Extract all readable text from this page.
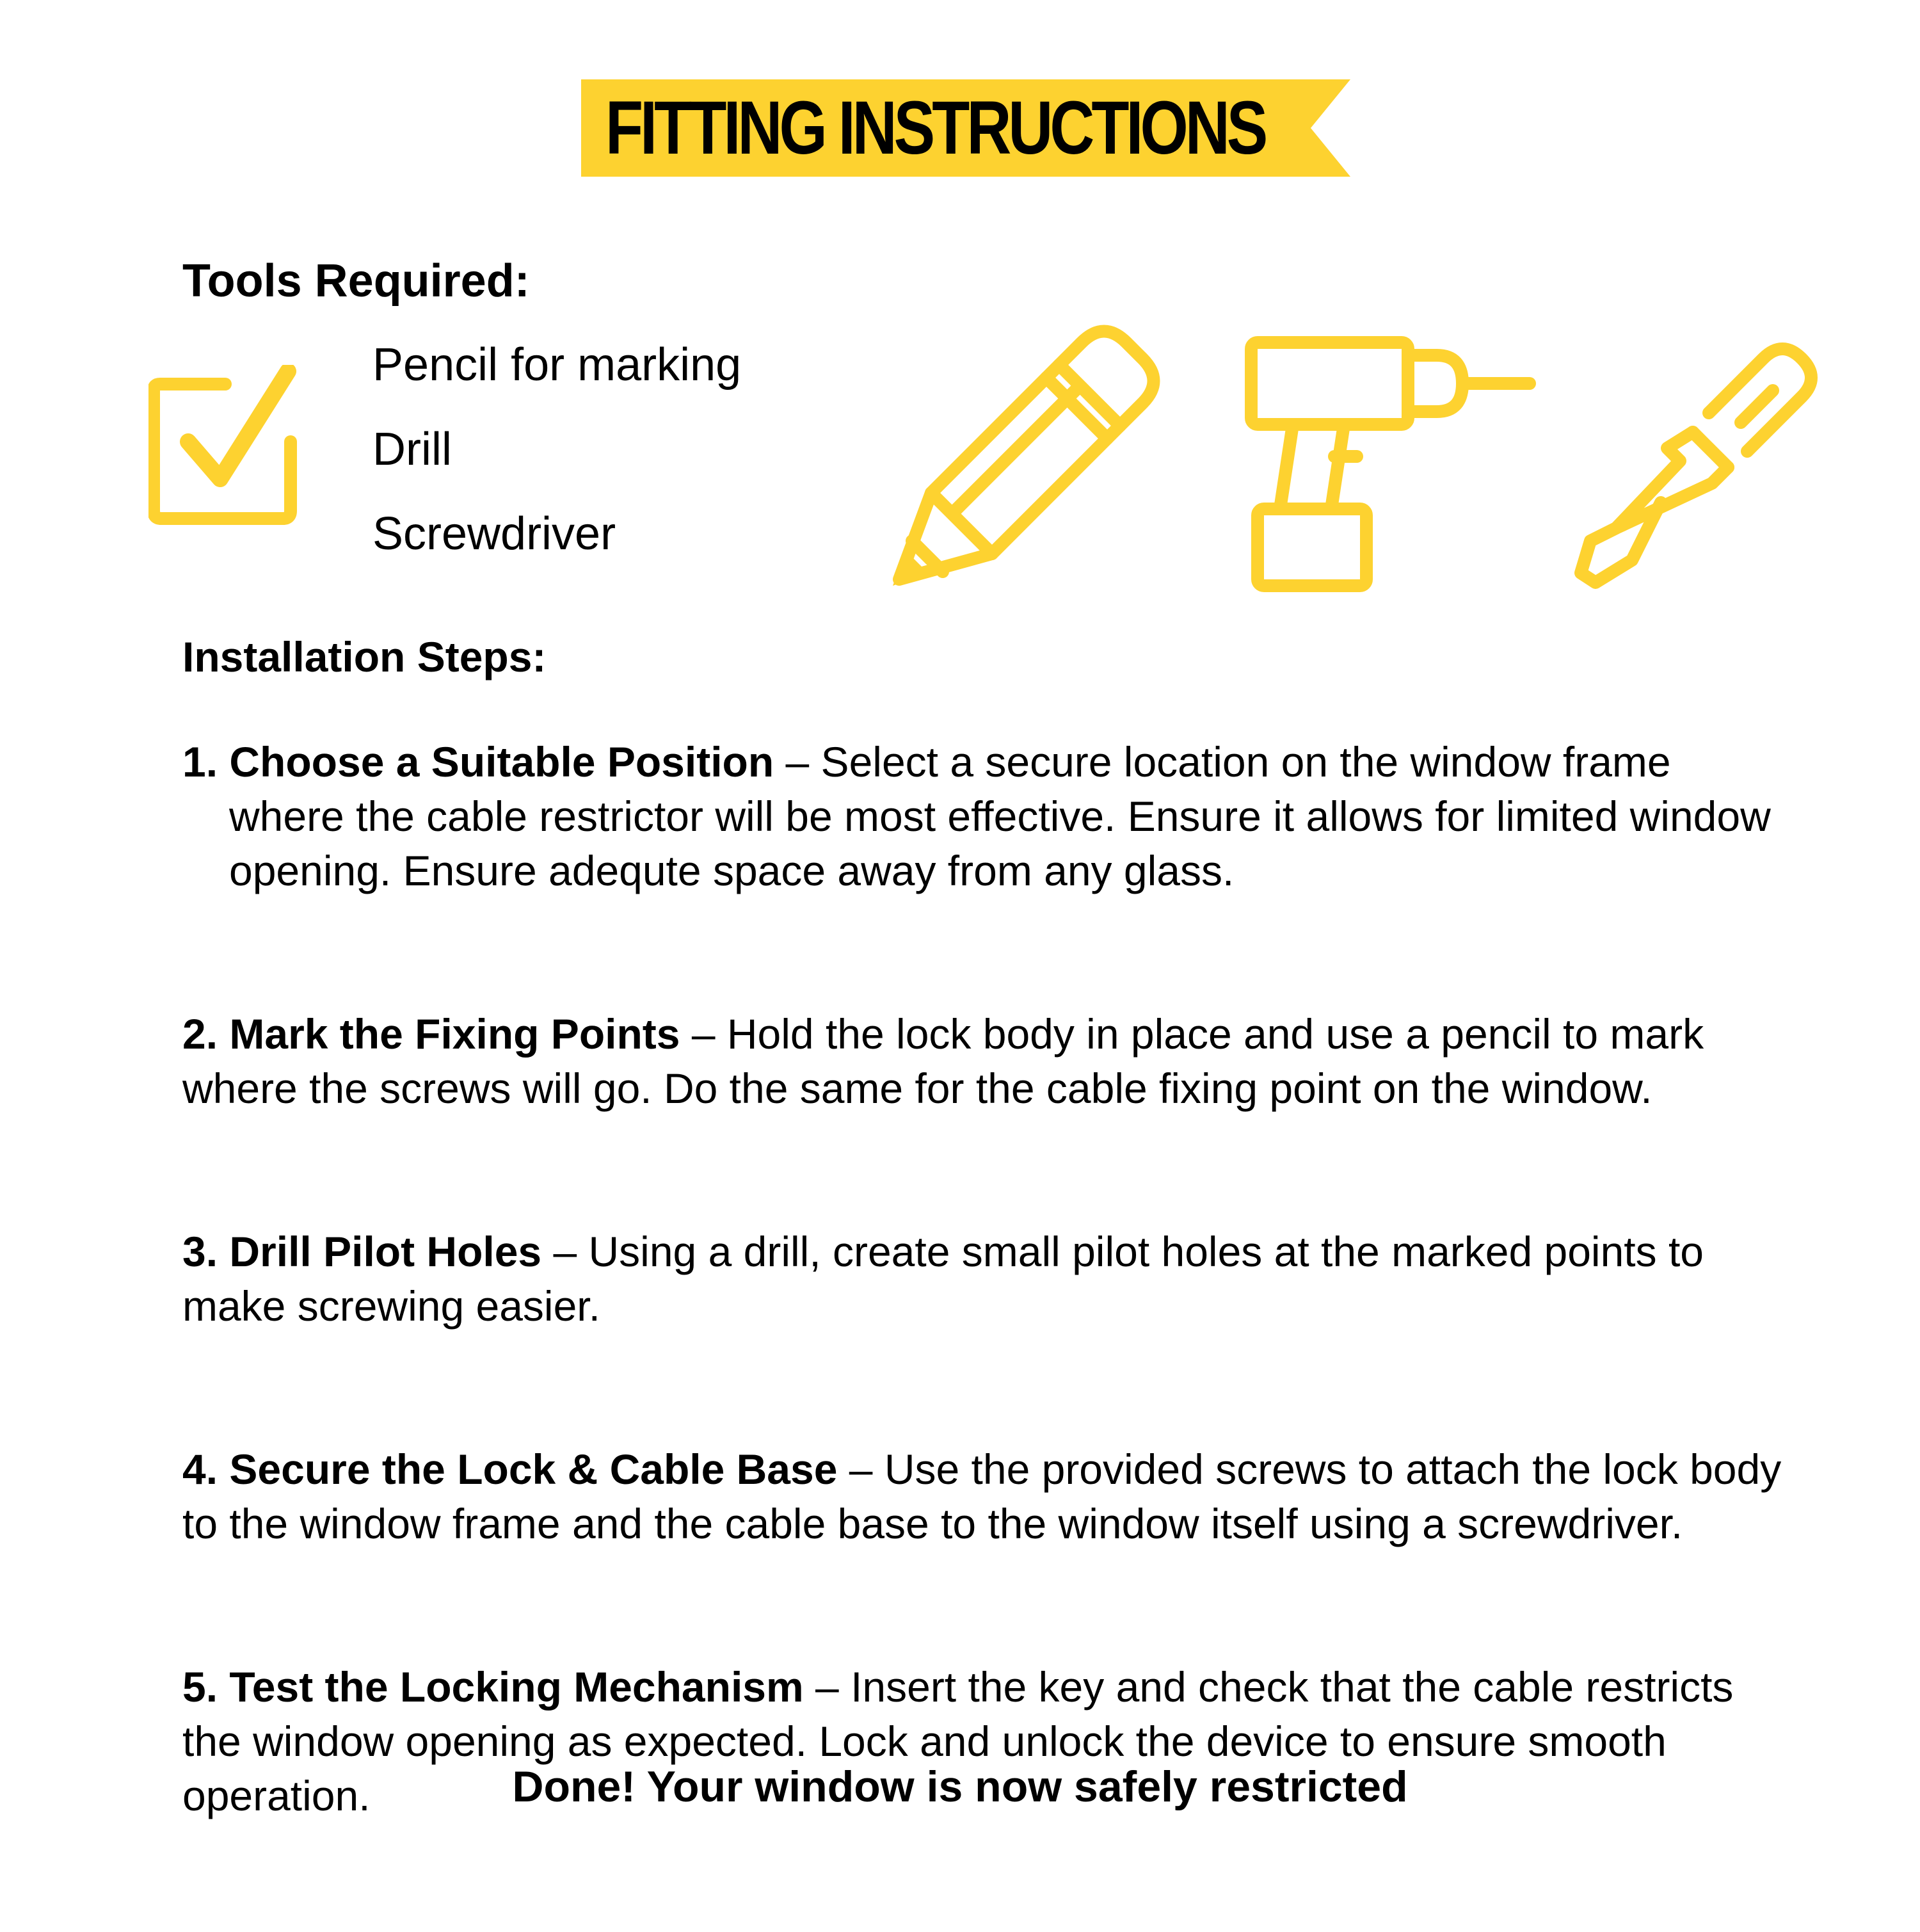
FITTING INSTRUCTIONS
Tools Required:
Pencil for marking
Drill
Screwdriver
Installation Steps:

1. Choose a Suitable Position – Select a secure location on the window frame where the cable restrictor will be most effective. Ensure it allows for limited window opening. Ensure adequte space away from any glass.

2. Mark the Fixing Points – Hold the lock body in place and use a pencil to mark where the screws will go. Do the same for the cable fixing point on the window.

3. Drill Pilot Holes – Using a drill, create small pilot holes at the marked points to make screwing easier.

4. Secure the Lock & Cable Base – Use the provided screws to attach the lock body to the window frame and the cable base to the window itself using a screwdriver.

5. Test the Locking Mechanism – Insert the key and check that the cable restricts the window opening as expected. Lock and unlock the device to ensure smooth operation.	Done! Your window is now safely restricted
